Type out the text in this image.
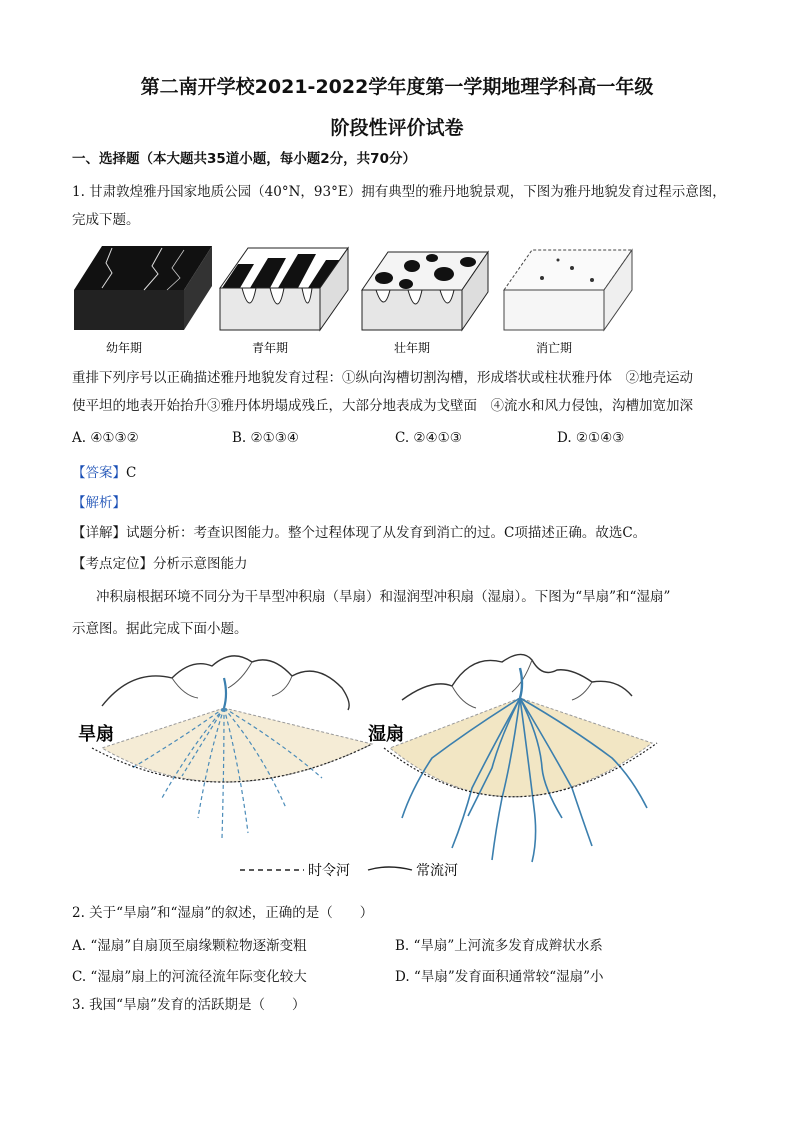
第二南开学校2021-2022学年度第一学期地理学科高一年级
阶段性评价试卷
一、选择题（本大题共35道小题，每小题2分，共70分）
1. 甘肃敦煌雅丹国家地质公园（40°N，93°E）拥有典型的雅丹地貌景观，下图为雅丹地貌发育过程示意图，
完成下题。
幼年期	青年期	壮年期	消亡期
重排下列序号以正确描述雅丹地貌发育过程：①纵向沟槽切割沟槽，形成塔状或柱状雅丹体　②地壳运动
使平坦的地表开始抬升③雅丹体坍塌成残丘，大部分地表成为戈壁面　④流水和风力侵蚀，沟槽加宽加深
A. ④①③②	B. ②①③④	C. ②④①③	D. ②①④③
【答案】C
【解析】
【详解】试题分析：考查识图能力。整个过程体现了从发育到消亡的过。C项描述正确。故选C。
【考点定位】分析示意图能力
冲积扇根据环境不同分为干旱型冲积扇（旱扇）和湿润型冲积扇（湿扇）。下图为“旱扇”和“湿扇”
示意图。据此完成下面小题。
旱扇	湿扇
时令河	常流河
2. 关于“旱扇”和“湿扇”的叙述，正确的是（　　）
A. “湿扇”自扇顶至扇缘颗粒物逐渐变粗	B. “旱扇”上河流多发育成辫状水系
C. “湿扇”扇上的河流径流年际变化较大	D. “旱扇”发育面积通常较“湿扇”小
3. 我国“旱扇”发育的活跃期是（　　）
